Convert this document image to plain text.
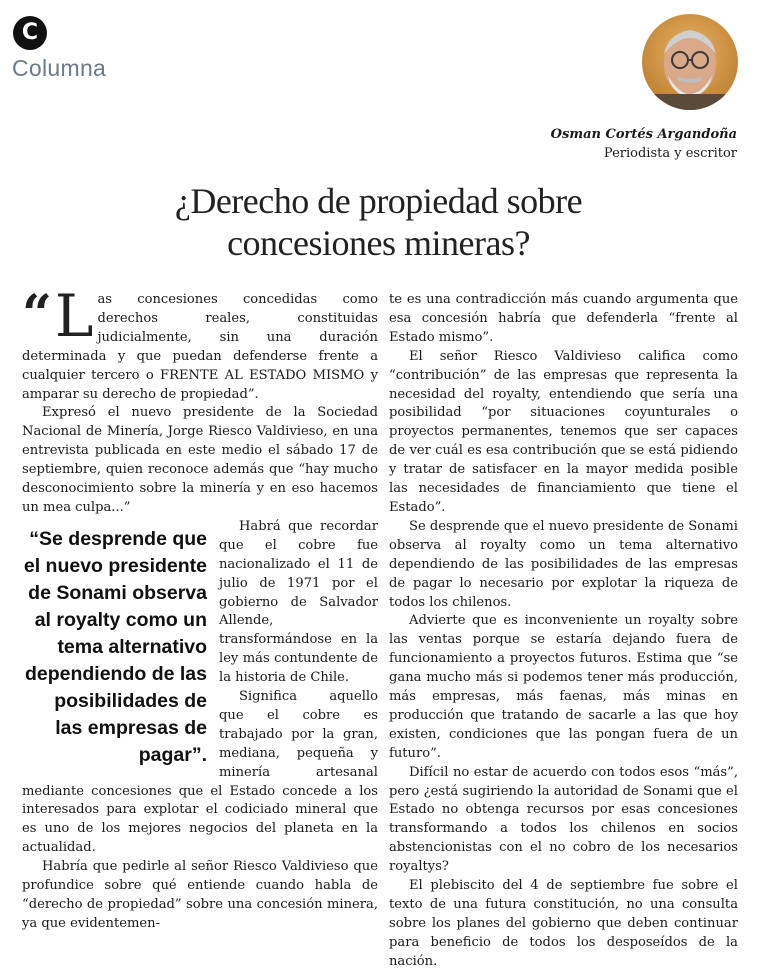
C
Columna
Osman Cortés Argandoña
Periodista y escritor
¿Derecho de propiedad sobre
concesiones mineras?

“ L as concesiones concedidas como derechos reales, constituidas judicialmente, sin una duración determinada y que puedan defenderse frente a cualquier tercero o FRENTE AL ESTADO MISMO y amparar su derecho de propiedad”.

Expresó el nuevo presidente de la Sociedad Nacional de Minería, Jorge Riesco Valdivieso, en una entrevista publicada en este medio el sábado 17 de septiembre, quien reconoce además que “hay mucho desconocimiento sobre la minería y en eso hacemos un mea culpa...”

“Se desprende que el nuevo presidente de Sonami observa al royalty como un tema alternativo dependiendo de las posibilidades de las empresas de pagar”.

Habrá que recordar que el cobre fue nacionalizado el 11 de julio de 1971 por el gobierno de Salvador Allende, transformándose en la ley más contundente de la historia de Chile.

Significa aquello que el cobre es trabajado por la gran, mediana, pequeña y minería artesanal mediante concesiones que el Estado concede a los interesados para explotar el codiciado mineral que es uno de los mejores negocios del planeta en la actualidad.

Habría que pedirle al señor Riesco Valdivieso que profundice sobre qué entiende cuando habla de “derecho de propiedad” sobre una concesión minera, ya que evidentemen-

te es una contradicción más cuando argumenta que esa concesión habría que defenderla “frente al Estado mismo”.

El señor Riesco Valdivieso califica como “contribución” de las empresas que representa la necesidad del royalty, entendiendo que sería una posibilidad “por situaciones coyunturales o proyectos permanentes, tenemos que ser capaces de ver cuál es esa contribución que se está pidiendo y tratar de satisfacer en la mayor medida posible las necesidades de financiamiento que tiene el Estado”.

Se desprende que el nuevo presidente de Sonami observa al royalty como un tema alternativo dependiendo de las posibilidades de las empresas de pagar lo necesario por explotar la riqueza de todos los chilenos.

Advierte que es inconveniente un royalty sobre las ventas porque se estaría dejando fuera de funcionamiento a proyectos futuros. Estima que “se gana mucho más si podemos tener más producción, más empresas, más faenas, más minas en producción que tratando de sacarle a las que hoy existen, condiciones que las pongan fuera de un futuro”.

Difícil no estar de acuerdo con todos esos “más”, pero ¿está sugiriendo la autoridad de Sonami que el Estado no obtenga recursos por esas concesiones transformando a todos los chilenos en socios abstencionistas con el no cobro de los necesarios royaltys?

El plebiscito del 4 de septiembre fue sobre el texto de una futura constitución, no una consulta sobre los planes del gobierno que deben continuar para beneficio de todos los desposeídos de la nación.
